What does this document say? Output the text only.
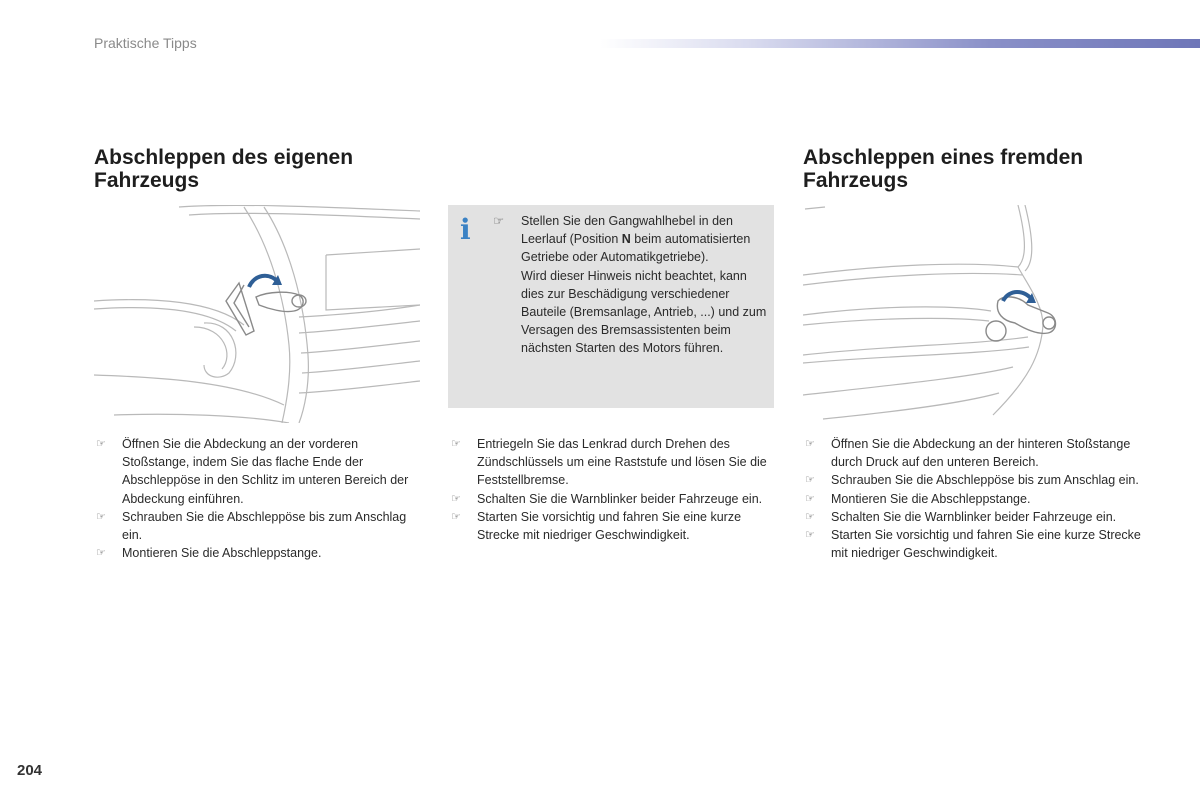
Praktische Tipps
Abschleppen des eigenen Fahrzeugs
Abschleppen eines fremden Fahrzeugs
i ☞	Stellen Sie den Gangwahlhebel in den Leerlauf (Position N beim automatisierten Getriebe oder Automatikgetriebe).

Wird dieser Hinweis nicht beachtet, kann dies zur Beschädigung verschiedener Bauteile (Bremsanlage, Antrieb, ...) und zum Versagen des Bremsassistenten beim nächsten Starten des Motors führen.

☞ Öffnen Sie die Abdeckung an der vorderen Stoßstange, indem Sie das flache Ende der Abschleppöse in den Schlitz im unteren Bereich der Abdeckung einführen.
☞ Schrauben Sie die Abschleppöse bis zum Anschlag ein.
☞ Montieren Sie die Abschleppstange.
☞ Entriegeln Sie das Lenkrad durch Drehen des Zündschlüssels um eine Raststufe und lösen Sie die Feststellbremse.
☞ Schalten Sie die Warnblinker beider Fahrzeuge ein.
☞ Starten Sie vorsichtig und fahren Sie eine kurze Strecke mit niedriger Geschwindigkeit.
☞ Öffnen Sie die Abdeckung an der hinteren Stoßstange durch Druck auf den unteren Bereich.
☞ Schrauben Sie die Abschleppöse bis zum Anschlag ein.
☞ Montieren Sie die Abschleppstange.
☞ Schalten Sie die Warnblinker beider Fahrzeuge ein.
☞ Starten Sie vorsichtig und fahren Sie eine kurze Strecke mit niedriger Geschwindigkeit.
204
